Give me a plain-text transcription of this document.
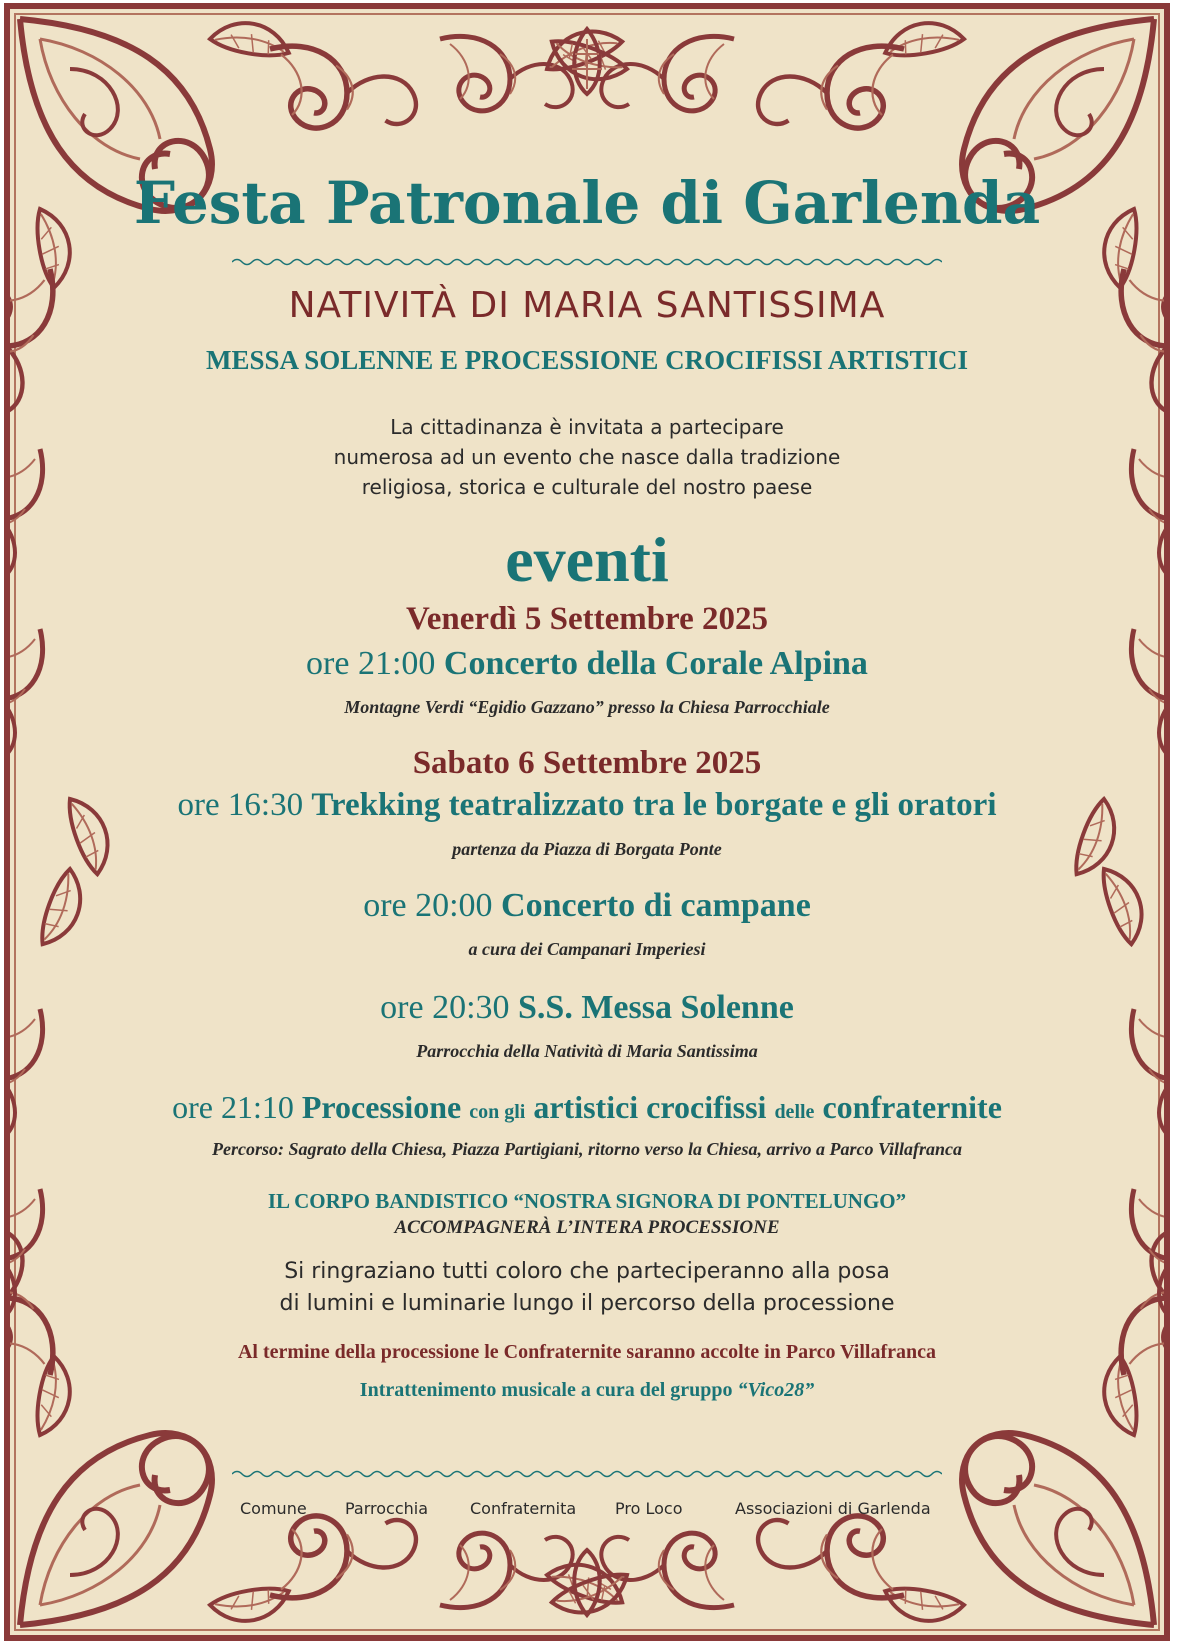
Festa Patronale di Garlenda
NATIVITÀ DI MARIA SANTISSIMA
MESSA SOLENNE E PROCESSIONE CROCIFISSI ARTISTICI
La cittadinanza è invitata a partecipare
numerosa ad un evento che nasce dalla tradizione
religiosa, storica e culturale del nostro paese
eventi
Venerdì 5 Settembre 2025
ore 21:00 Concerto della Corale Alpina
Montagne Verdi “Egidio Gazzano” presso la Chiesa Parrocchiale
Sabato 6 Settembre 2025
ore 16:30 Trekking teatralizzato tra le borgate e gli oratori
partenza da Piazza di Borgata Ponte
ore 20:00 Concerto di campane
a cura dei Campanari Imperiesi
ore 20:30 S.S. Messa Solenne
Parrocchia della Natività di Maria Santissima
ore 21:10 Processione con gli artistici crocifissi delle confraternite
Percorso: Sagrato della Chiesa, Piazza Partigiani, ritorno verso la Chiesa, arrivo a Parco Villafranca
IL CORPO BANDISTICO “NOSTRA SIGNORA DI PONTELUNGO”
ACCOMPAGNERÀ L’INTERA PROCESSIONE
Si ringraziano tutti coloro che parteciperanno alla posa
di lumini e luminarie lungo il percorso della processione
Al termine della processione le Confraternite saranno accolte in Parco Villafranca
Intrattenimento musicale a cura del gruppo “Vico28”
Comune Parrocchia	Confraternita Pro Loco	Associazioni di Garlenda
